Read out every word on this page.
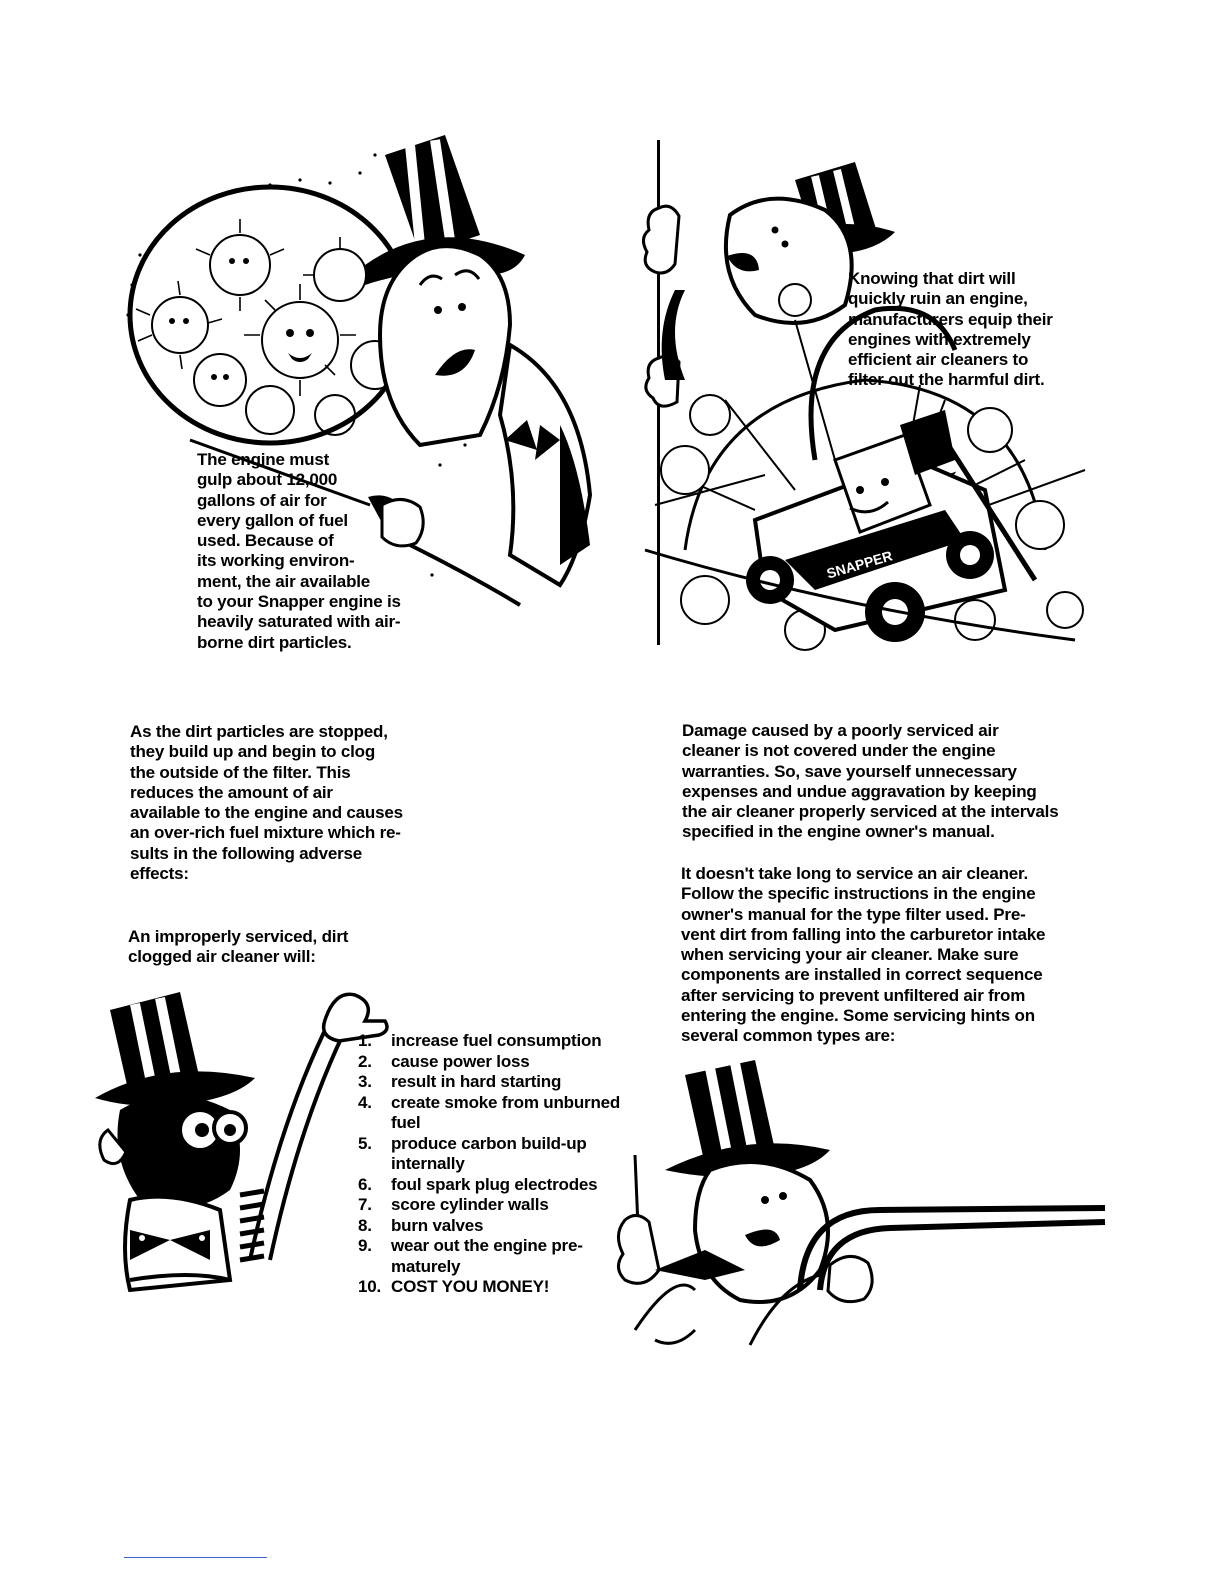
SNAPPER

The engine must
gulp about 12,000
gallons of air for
every gallon of fuel
used. Because of
its working environ-
ment, the air available
to your Snapper engine is
heavily saturated with air-
borne dirt particles.

Knowing that dirt will
quickly ruin an engine,
manufacturers equip their
engines with extremely
efficient air cleaners to
filter out the harmful dirt.

As the dirt particles are stopped,
they build up and begin to clog
the outside of the filter. This
reduces the amount of air
available to the engine and causes
an over-rich fuel mixture which re-
sults in the following adverse
effects:

An improperly serviced, dirt
clogged air cleaner will:

Damage caused by a poorly serviced air
cleaner is not covered under the engine
warranties. So, save yourself unnecessary
expenses and undue aggravation by keeping
the air cleaner properly serviced at the intervals
specified in the engine owner's manual.

It doesn't take long to service an air cleaner.
Follow the specific instructions in the engine
owner's manual for the type filter used. Pre-
vent dirt from falling into the carburetor intake
when servicing your air cleaner. Make sure
components are installed in correct sequence
after servicing to prevent unfiltered air from
entering the engine. Some servicing hints on
several common types are:

1.	increase fuel consumption
2.	cause power loss
3.	result in hard starting
4.	create smoke from unburned
fuel
5.	produce carbon build-up
internally
6.	foul spark plug electrodes
7.	score cylinder walls
8.	burn valves
9.	wear out the engine pre-
maturely
10. COST YOU MONEY!
